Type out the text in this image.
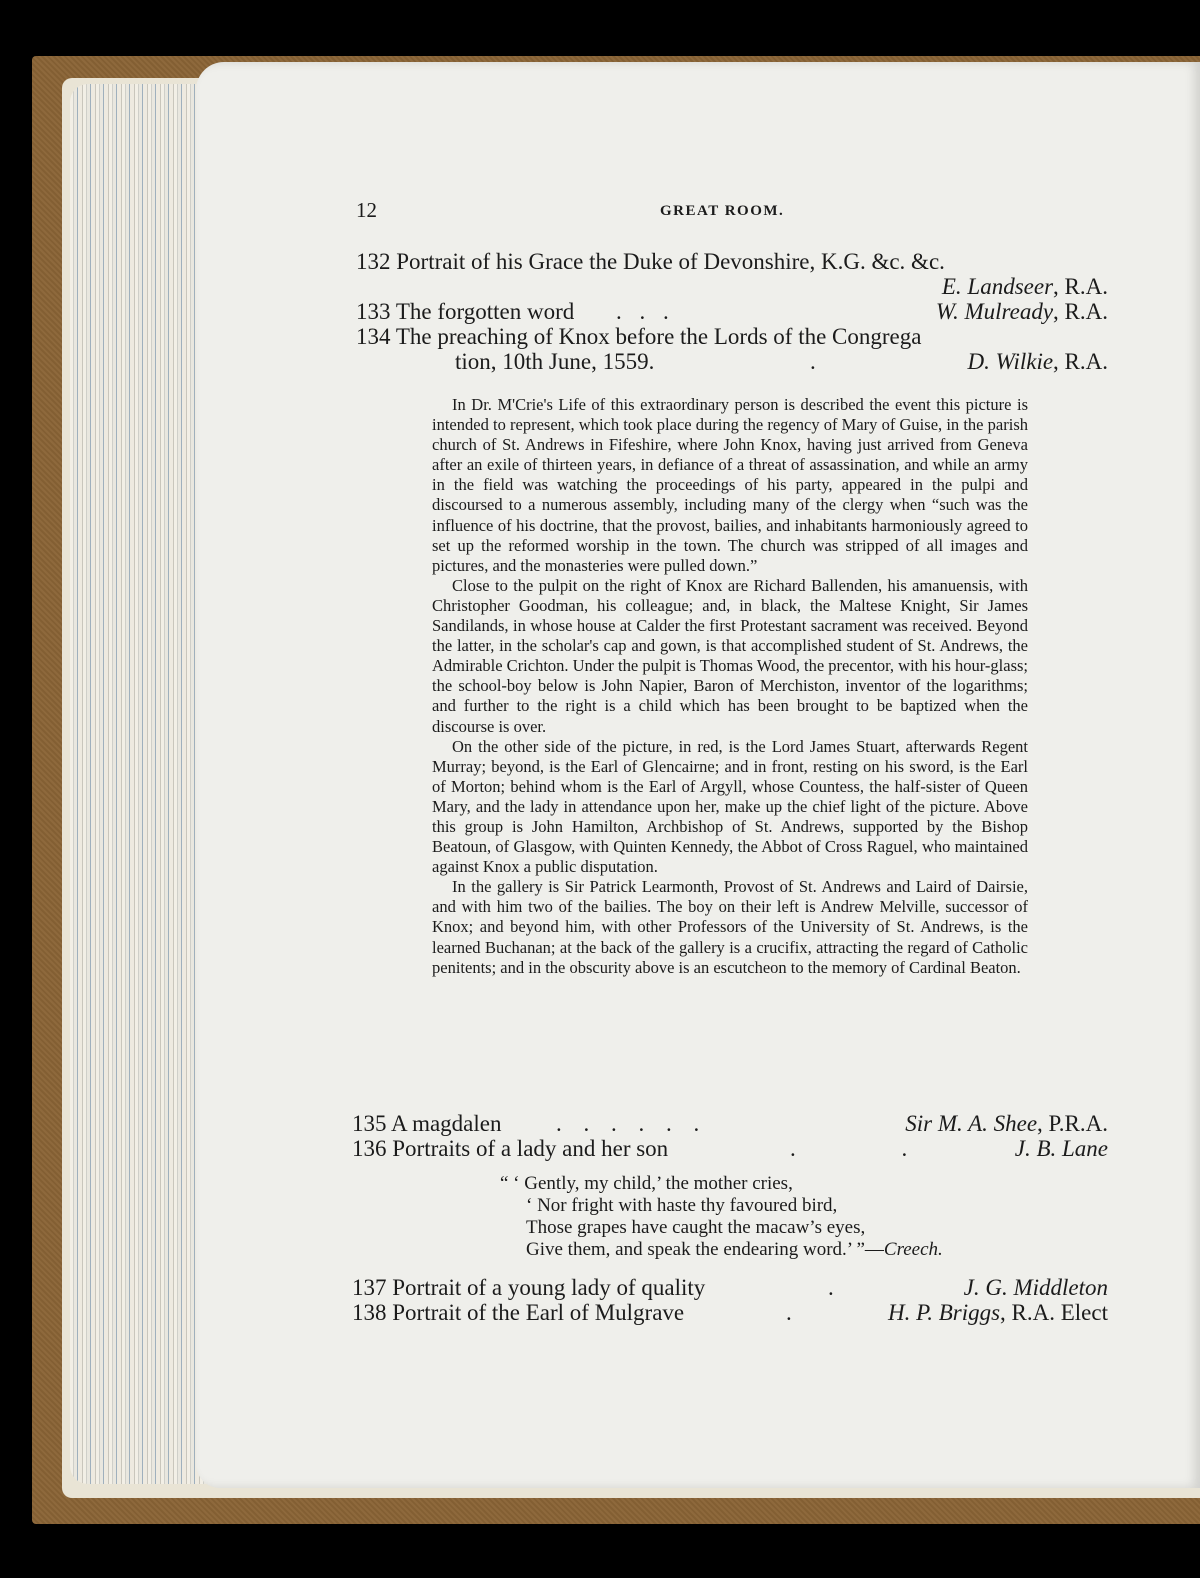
12	GREAT ROOM.
132 Portrait of his Grace the Duke of Devonshire, K.G. &c. &c.
E. Landseer, R.A.
133 The forgotten word . . .	W. Mulready, R.A.
134 The preaching of Knox before the Lords of the Congrega
tion, 10th June, 1559.	.	D. Wilkie, R.A.

In Dr. M'Crie's Life of this extraordinary person is described the event this picture is intended to represent, which took place during the regency of Mary of Guise, in the parish church of St. Andrews in Fifeshire, where John Knox, having just arrived from Geneva after an exile of thirteen years, in defiance of a threat of assassination, and while an army in the field was watching the proceedings of his party, appeared in the pulpi and discoursed to a numerous assembly, including many of the clergy when “such was the influence of his doctrine, that the provost, bailies, and inhabitants harmoniously agreed to set up the reformed worship in the town. The church was stripped of all images and pictures, and the monasteries were pulled down.”

Close to the pulpit on the right of Knox are Richard Ballenden, his amanuensis, with Christopher Goodman, his colleague; and, in black, the Maltese Knight, Sir James Sandilands, in whose house at Calder the first Protestant sacrament was received. Beyond the latter, in the scholar's cap and gown, is that accomplished student of St. Andrews, the Admirable Crichton. Under the pulpit is Thomas Wood, the precentor, with his hour-glass; the school-boy below is John Napier, Baron of Merchiston, inventor of the logarithms; and further to the right is a child which has been brought to be baptized when the discourse is over.

On the other side of the picture, in red, is the Lord James Stuart, afterwards Regent Murray; beyond, is the Earl of Glencairne; and in front, resting on his sword, is the Earl of Morton; behind whom is the Earl of Argyll, whose Countess, the half-sister of Queen Mary, and the lady in attendance upon her, make up the chief light of the picture. Above this group is John Hamilton, Archbishop of St. Andrews, supported by the Bishop Beatoun, of Glasgow, with Quinten Kennedy, the Abbot of Cross Raguel, who maintained against Knox a public disputation.

In the gallery is Sir Patrick Learmonth, Provost of St. Andrews and Laird of Dairsie, and with him two of the bailies. The boy on their left is Andrew Melville, successor of Knox; and beyond him, with other Professors of the University of St. Andrews, is the learned Buchanan; at the back of the gallery is a crucifix, attracting the regard of Catholic penitents; and in the obscurity above is an escutcheon to the memory of Cardinal Beaton.

135 A magdalen . . . . . .	Sir M. A. Shee, P.R.A.
136 Portraits of a lady and her son	. . J. B. Lane
“ ‘ Gently, my child,’ the mother cries,
‘ Nor fright with haste thy favoured bird,
Those grapes have caught the macaw’s eyes,
Give them, and speak the endearing word.’ ”—Creech.
137 Portrait of a young lady of quality	.	J. G. Middleton
138 Portrait of the Earl of Mulgrave	.	H. P. Briggs, R.A. Elect
